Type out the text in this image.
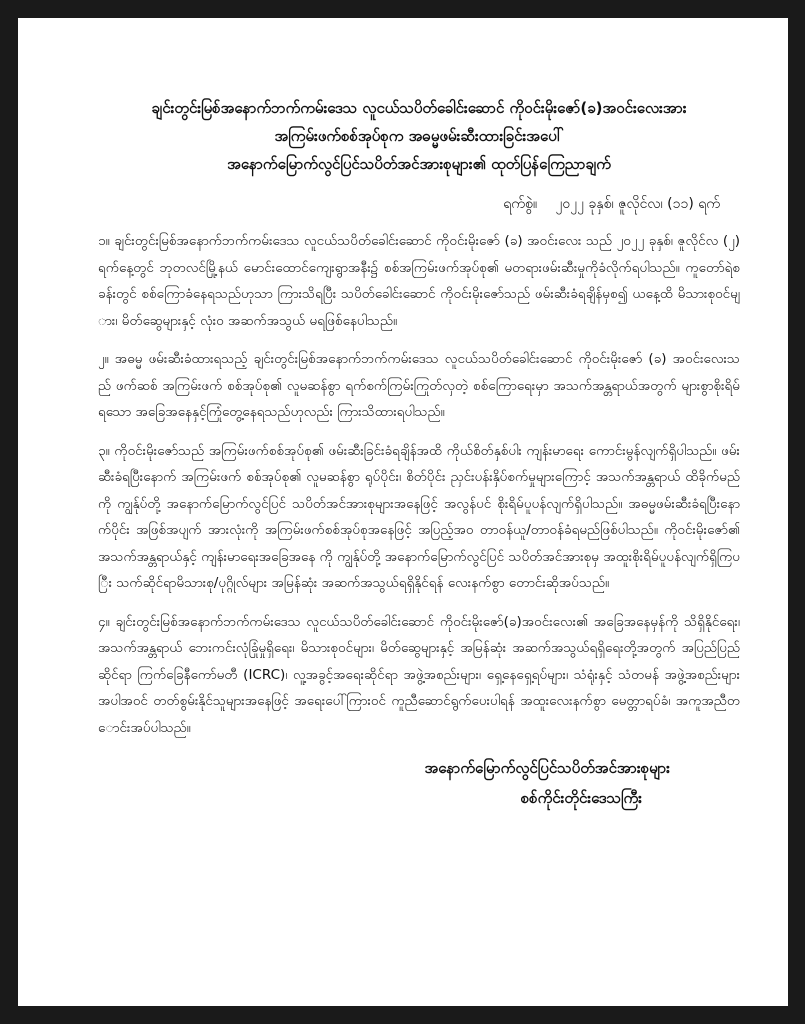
ချင်းတွင်းမြစ်အနောက်ဘက်ကမ်းဒေသ လူငယ်သပိတ်ခေါင်းဆောင် ကိုဝင်းမိုးဇော်(ခ)အဝင်းလေးအား
အကြမ်းဖက်စစ်အုပ်စုက အဓမ္မဖမ်းဆီးထားခြင်းအပေါ်
အနောက်မြောက်လွင်ပြင်သပိတ်အင်အားစုများ၏ ထုတ်ပြန်ကြေညာချက်
ရက်စွဲ။ ၂၀၂၂ ခုနှစ်၊ ဇူလိုင်လ၊ (၁၁) ရက်

၁။ ချင်းတွင်းမြစ်အနောက်ဘက်ကမ်းဒေသ လူငယ်သပိတ်ခေါင်းဆောင် ကိုဝင်းမိုးဇော် (ခ) အဝင်းလေး သည် ၂၀၂၂ ခုနှစ်၊ ဇူလိုင်လ (၂) ရက်နေ့တွင် ဘုတလင်မြို့နယ် မောင်းထောင်ကျေးရွာအနီး၌ စစ်အကြမ်းဖက်အုပ်စု၏ မတရားဖမ်းဆီးမှုကိုခံလိုက်ရပါသည်။ ကူတော်ရဲစခန်းတွင် စစ်ကြောခံနေရသည်ဟုသာ ကြားသိရပြီး သပိတ်ခေါင်းဆောင် ကိုဝင်းမိုးဇော်သည် ဖမ်းဆီးခံရချိန်မှစ၍ ယနေ့ထိ မိသားစုဝင်များ၊ မိတ်ဆွေများနှင့် လုံးဝ အဆက်အသွယ် မရဖြစ်နေပါသည်။

၂။ အဓမ္မ ဖမ်းဆီးခံထားရသည့် ချင်းတွင်းမြစ်အနောက်ဘက်ကမ်းဒေသ လူငယ်သပိတ်ခေါင်းဆောင် ကိုဝင်းမိုးဇော် (ခ) အဝင်းလေးသည် ဖက်ဆစ် အကြမ်းဖက် စစ်အုပ်စု၏ လူမဆန်စွာ ရက်စက်ကြမ်းကြုတ်လှတဲ့ စစ်ကြောရေးမှာ အသက်အန္တရာယ်အတွက် များစွာစိုးရိမ်ရသော အခြေအနေနှင့်ကြုံတွေ့နေရသည်ဟုလည်း ကြားသိထားရပါသည်။

၃။ ကိုဝင်းမိုးဇော်သည် အကြမ်းဖက်စစ်အုပ်စု၏ ဖမ်းဆီးခြင်းခံရချိန်အထိ ကိုယ်စိတ်နှစ်ပါး ကျန်းမာရေး ကောင်းမွန်လျက်ရှိပါသည်။ ဖမ်းဆီးခံရပြီးနောက် အကြမ်းဖက် စစ်အုပ်စု၏ လူမဆန်စွာ ရုပ်ပိုင်း၊ စိတ်ပိုင်း ညှင်းပန်းနှိပ်စက်မှုများကြောင့် အသက်အန္တရာယ် ထိခိုက်မည်ကို ကျွန်ုပ်တို့ အနောက်မြောက်လွင်ပြင် သပိတ်အင်အားစုများအနေဖြင့် အလွန်ပင် စိုးရိမ်ပူပန်လျက်ရှိပါသည်။ အဓမ္မဖမ်းဆီးခံရပြီးနောက်ပိုင်း အဖြစ်အပျက် အားလုံးကို အကြမ်းဖက်စစ်အုပ်စုအနေဖြင့် အပြည့်အဝ တာဝန်ယူ/တာဝန်ခံရမည်ဖြစ်ပါသည်။ ကိုဝင်းမိုးဇော်၏ အသက်အန္တရာယ်နှင့် ကျန်းမာရေးအခြေအနေ ကို ကျွန်ုပ်တို့ အနောက်မြောက်လွင်ပြင် သပိတ်အင်အားစုမှ အထူးစိုးရိမ်ပူပန်လျက်ရှိကြပြီး သက်ဆိုင်ရာမိသားစု/ပုဂ္ဂိုလ်များ အမြန်ဆုံး အဆက်အသွယ်ရရှိနိုင်ရန် လေးနက်စွာ တောင်းဆိုအပ်သည်။

၄။ ချင်းတွင်းမြစ်အနောက်ဘက်ကမ်းဒေသ လူငယ်သပိတ်ခေါင်းဆောင် ကိုဝင်းမိုးဇော်(ခ)အဝင်းလေး၏ အခြေအနေမှန်ကို သိရှိနိုင်ရေး၊ အသက်အန္တရာယ် ဘေးကင်းလုံခြုံမှုရှိရေး၊ မိသားစုဝင်များ၊ မိတ်ဆွေများနှင့် အမြန်ဆုံး အဆက်အသွယ်ရရှိရေးတို့အတွက် အပြည်ပြည်ဆိုင်ရာ ကြက်ခြေနီကော်မတီ (ICRC)၊ လူ့အခွင့်အရေးဆိုင်ရာ အဖွဲ့အစည်းများ၊ ရှေ့နေရှေ့ရပ်များ၊ သံရုံးနှင့် သံတမန် အဖွဲ့အစည်းများအပါအဝင် တတ်စွမ်းနိုင်သူများအနေဖြင့် အရေးပေါ်ကြားဝင် ကူညီဆောင်ရွက်ပေးပါရန် အထူးလေးနက်စွာ မေတ္တာရပ်ခံ၊ အကူအညီတောင်းအပ်ပါသည်။

အနောက်မြောက်လွင်ပြင်သပိတ်အင်အားစုများ
စစ်ကိုင်းတိုင်းဒေသကြီး
